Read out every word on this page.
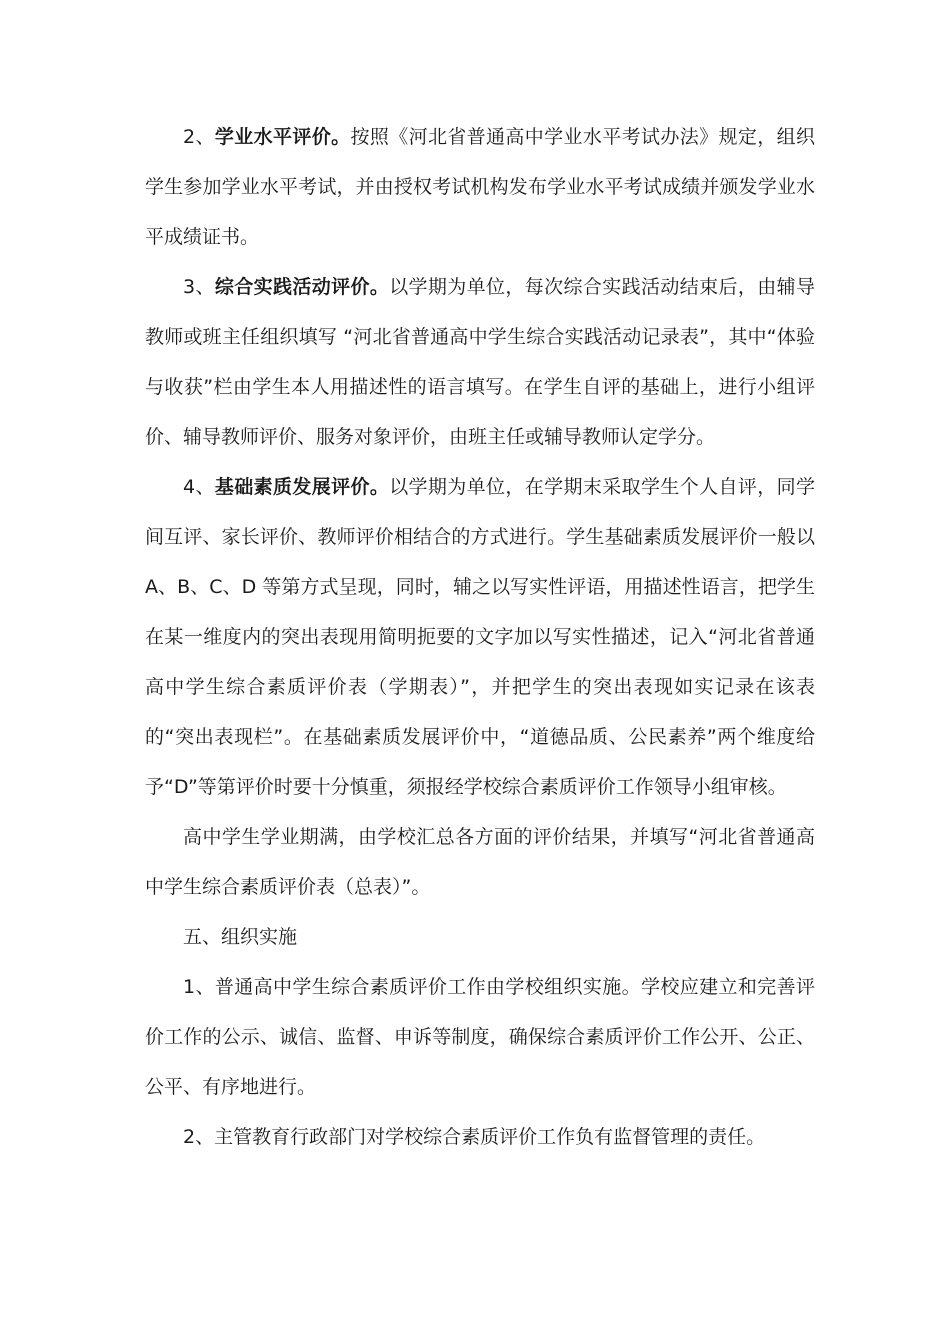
2、学业水平评价。按照《河北省普通高中学业水平考试办法》规定，组织学生参加学业水平考试，并由授权考试机构发布学业水平考试成绩并颁发学业水平成绩证书。

3、综合实践活动评价。以学期为单位，每次综合实践活动结束后，由辅导教师或班主任组织填写 “河北省普通高中学生综合实践活动记录表”，其中“体验与收获”栏由学生本人用描述性的语言填写。在学生自评的基础上，进行小组评价、辅导教师评价、服务对象评价，由班主任或辅导教师认定学分。

4、基础素质发展评价。以学期为单位，在学期末采取学生个人自评，同学间互评、家长评价、教师评价相结合的方式进行。学生基础素质发展评价一般以A、B、C、D 等第方式呈现，同时，辅之以写实性评语，用描述性语言，把学生在某一维度内的突出表现用简明扼要的文字加以写实性描述，记入“河北省普通高中学生综合素质评价表（学期表）”，并把学生的突出表现如实记录在该表的“突出表现栏”。在基础素质发展评价中，“道德品质、公民素养”两个维度给予“D”等第评价时要十分慎重，须报经学校综合素质评价工作领导小组审核。

高中学生学业期满，由学校汇总各方面的评价结果，并填写“河北省普通高中学生综合素质评价表（总表）”。

五、组织实施

1、普通高中学生综合素质评价工作由学校组织实施。学校应建立和完善评价工作的公示、诚信、监督、申诉等制度，确保综合素质评价工作公开、公正、公平、有序地进行。

2、主管教育行政部门对学校综合素质评价工作负有监督管理的责任。
